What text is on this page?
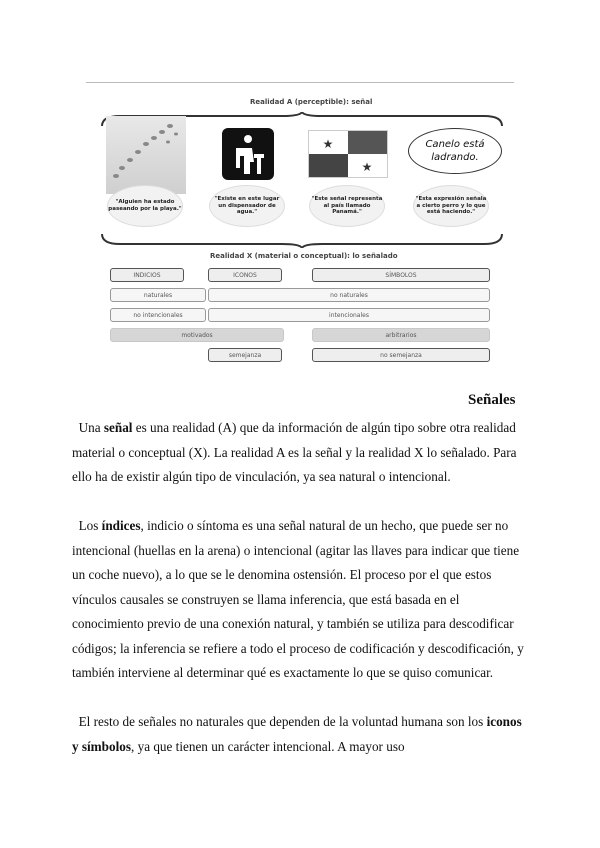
Realidad A (perceptible): señal
★
★
Canelo está ladrando.
"Alguien ha estado paseando por la playa."
"Existe en este lugar un dispensador de agua."
"Este señal representa al país llamado Panamá."
"Esta expresión señala a cierto perro y lo que está haciendo."
Realidad X (material o conceptual): lo señalado
INDICIOS	ICONOS	SÍMBOLOS
naturales	no naturales
no intencionales	intencionales
motivados	arbitrarios
semejanza	no semejanza
Señales
Una señal es una realidad (A) que da información de algún tipo sobre otra realidad material o conceptual (X). La realidad A es la señal y la realidad X lo señalado. Para ello ha de existir algún tipo de vinculación, ya sea natural o intencional.
Los índices, indicio o síntoma es una señal natural de un hecho, que puede ser no intencional (huellas en la arena) o intencional (agitar las llaves para indicar que tiene un coche nuevo), a lo que se le denomina ostensión. El proceso por el que estos vínculos causales se construyen se llama inferencia, que está basada en el conocimiento previo de una conexión natural, y también se utiliza para descodificar códigos; la inferencia se refiere a todo el proceso de codificación y descodificación, y también interviene al determinar qué es exactamente lo que se quiso comunicar.
El resto de señales no naturales que dependen de la voluntad humana son los iconos y símbolos, ya que tienen un carácter intencional. A mayor uso
